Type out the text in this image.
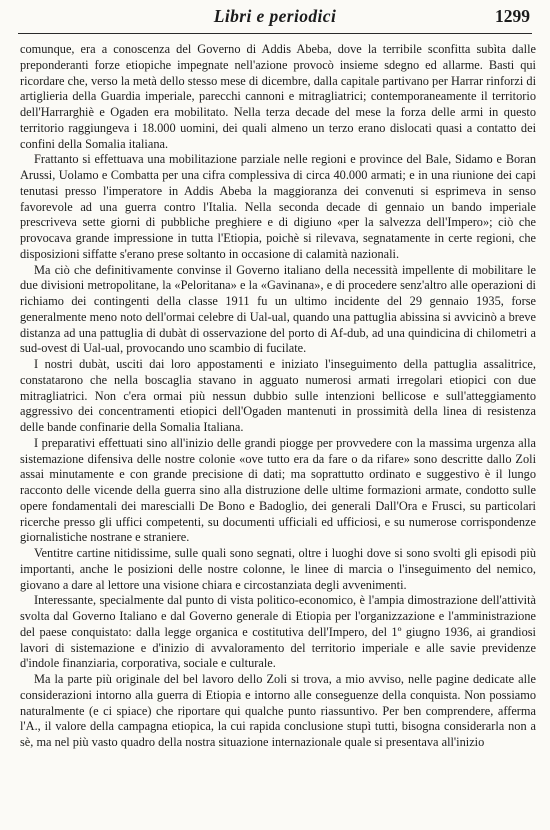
Libri e periodici	1299

comunque, era a conoscenza del Governo di Addis Abeba, dove la terribile sconfitta subìta dalle preponderanti forze etiopiche impegnate nell'azione provocò insieme sdegno ed allarme. Basti qui ricordare che, verso la metà dello stesso mese di dicembre, dalla capitale partivano per Harrar rinforzi di artiglieria della Guardia imperiale, parecchi cannoni e mitragliatrici; contemporaneamente il territorio dell'Harrarghiè e Ogaden era mobilitato. Nella terza decade del mese la forza delle armi in questo territorio raggiungeva i 18.000 uomini, dei quali almeno un terzo erano dislocati quasi a contatto dei confini della Somalia italiana.

Frattanto si effettuava una mobilitazione parziale nelle regioni e province del Bale, Sidamo e Boran Arussi, Uolamo e Combatta per una cifra complessiva di circa 40.000 armati; e in una riunione dei capi tenutasi presso l'imperatore in Addis Abeba la maggioranza dei convenuti si esprimeva in senso favorevole ad una guerra contro l'Italia. Nella seconda decade di gennaio un bando imperiale prescriveva sette giorni di pubbliche preghiere e di digiuno «per la salvezza dell'Impero»; ciò che provocava grande impressione in tutta l'Etiopia, poichè si rilevava, segnatamente in certe regioni, che disposizioni siffatte s'erano prese soltanto in occasione di calamità nazionali.

Ma ciò che definitivamente convinse il Governo italiano della necessità impellente di mobilitare le due divisioni metropolitane, la «Peloritana» e la «Gavinana», e di procedere senz'altro alle operazioni di richiamo dei contingenti della classe 1911 fu un ultimo incidente del 29 gennaio 1935, forse generalmente meno noto dell'ormai celebre di Ual-ual, quando una pattuglia abissina si avvicinò a breve distanza ad una pattuglia di dubàt di osservazione del porto di Af-dub, ad una quindicina di chilometri a sud-ovest di Ual-ual, provocando uno scambio di fucilate.

I nostri dubàt, usciti dai loro appostamenti e iniziato l'inseguimento della pattuglia assalitrice, constatarono che nella boscaglia stavano in agguato numerosi armati irregolari etiopici con due mitragliatrici. Non c'era ormai più nessun dubbio sulle intenzioni bellicose e sull'atteggiamento aggressivo dei concentramenti etiopici dell'Ogaden mantenuti in prossimità della linea di resistenza delle bande confinarie della Somalia Italiana.

I preparativi effettuati sino all'inizio delle grandi piogge per provvedere con la massima urgenza alla sistemazione difensiva delle nostre colonie «ove tutto era da fare o da rifare» sono descritte dallo Zoli assai minutamente e con grande precisione di dati; ma soprattutto ordinato e suggestivo è il lungo racconto delle vicende della guerra sino alla distruzione delle ultime formazioni armate, condotto sulle opere fondamentali dei marescialli De Bono e Badoglio, dei generali Dall'Ora e Frusci, su particolari ricerche presso gli uffici competenti, su documenti ufficiali ed ufficiosi, e su numerose corrispondenze giornalistiche nostrane e straniere.

Ventitre cartine nitidissime, sulle quali sono segnati, oltre i luoghi dove si sono svolti gli episodi più importanti, anche le posizioni delle nostre colonne, le linee di marcia o l'inseguimento del nemico, giovano a dare al lettore una visione chiara e circostanziata degli avvenimenti.

Interessante, specialmente dal punto di vista politico-economico, è l'ampia dimostrazione dell'attività svolta dal Governo Italiano e dal Governo generale di Etiopia per l'organizzazione e l'amministrazione del paese conquistato: dalla legge organica e costitutiva dell'Impero, del 1º giugno 1936, ai grandiosi lavori di sistemazione e d'inizio di avvaloramento del territorio imperiale e alle savie previdenze d'indole finanziaria, corporativa, sociale e culturale.

Ma la parte più originale del bel lavoro dello Zoli si trova, a mio avviso, nelle pagine dedicate alle considerazioni intorno alla guerra di Etiopia e intorno alle conseguenze della conquista. Non possiamo naturalmente (e ci spiace) che riportare qui qualche punto riassuntivo. Per ben comprendere, afferma l'A., il valore della campagna etiopica, la cui rapida conclusione stupì tutti, bisogna considerarla non a sè, ma nel più vasto quadro della nostra situazione internazionale quale si presentava all'inizio
